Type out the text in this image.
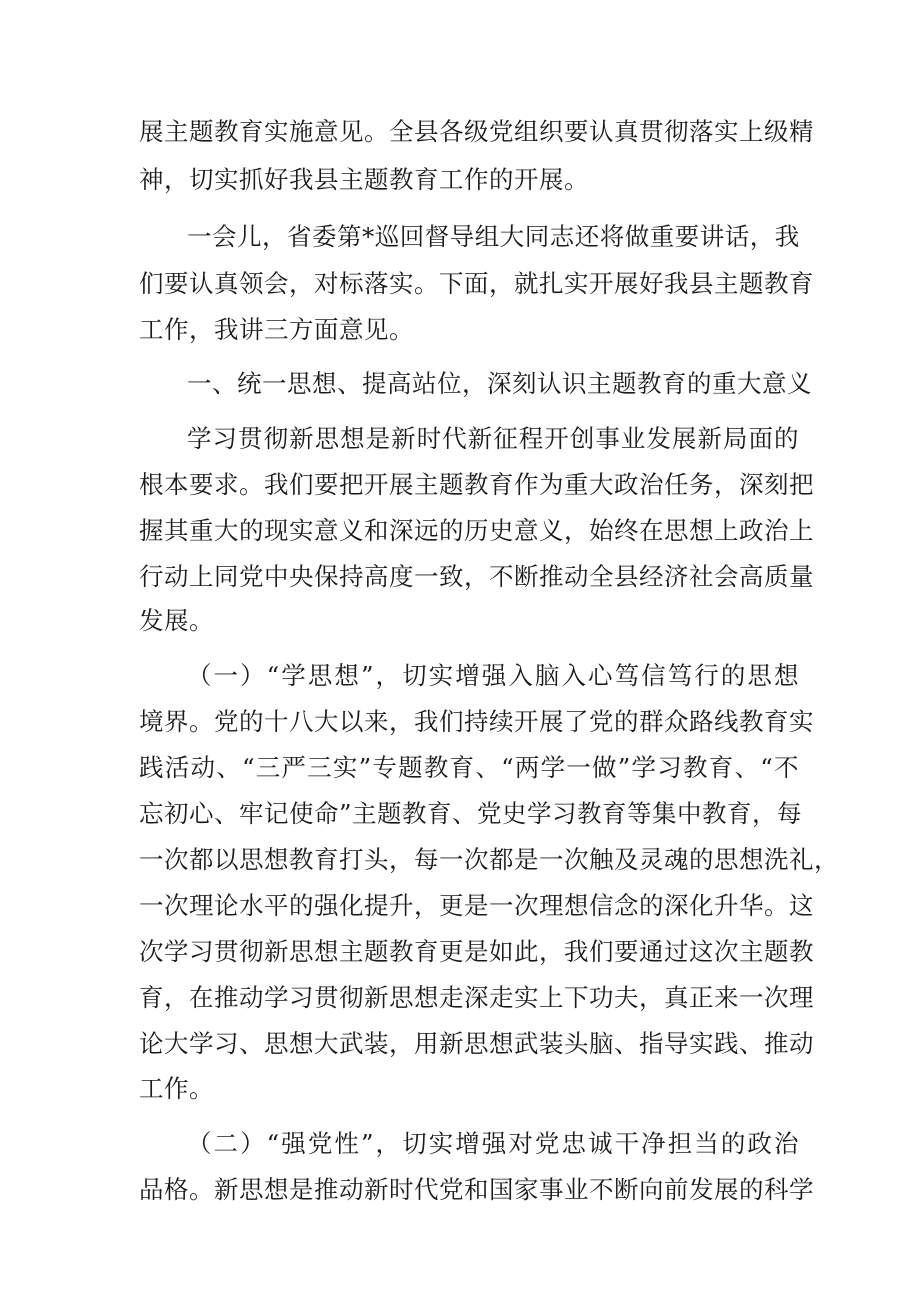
展主题教育实施意见。全县各级党组织要认真贯彻落实上级精
神，切实抓好我县主题教育工作的开展。
一会儿，省委第*巡回督导组大同志还将做重要讲话，我
们要认真领会，对标落实。下面，就扎实开展好我县主题教育
工作，我讲三方面意见。
一、统一思想、提高站位，深刻认识主题教育的重大意义
学习贯彻新思想是新时代新征程开创事业发展新局面的
根本要求。我们要把开展主题教育作为重大政治任务，深刻把
握其重大的现实意义和深远的历史意义，始终在思想上政治上
行动上同党中央保持高度一致，不断推动全县经济社会高质量
发展。
（一）“学思想”，切实增强入脑入心笃信笃行的思想
境界。党的十八大以来，我们持续开展了党的群众路线教育实
践活动、“三严三实”专题教育、“两学一做”学习教育、“不
忘初心、牢记使命”主题教育、党史学习教育等集中教育，每
一次都以思想教育打头，每一次都是一次触及灵魂的思想洗礼，
一次理论水平的强化提升，更是一次理想信念的深化升华。这
次学习贯彻新思想主题教育更是如此，我们要通过这次主题教
育，在推动学习贯彻新思想走深走实上下功夫，真正来一次理
论大学习、思想大武装，用新思想武装头脑、指导实践、推动
工作。
（二）“强党性”，切实增强对党忠诚干净担当的政治
品格。新思想是推动新时代党和国家事业不断向前发展的科学
